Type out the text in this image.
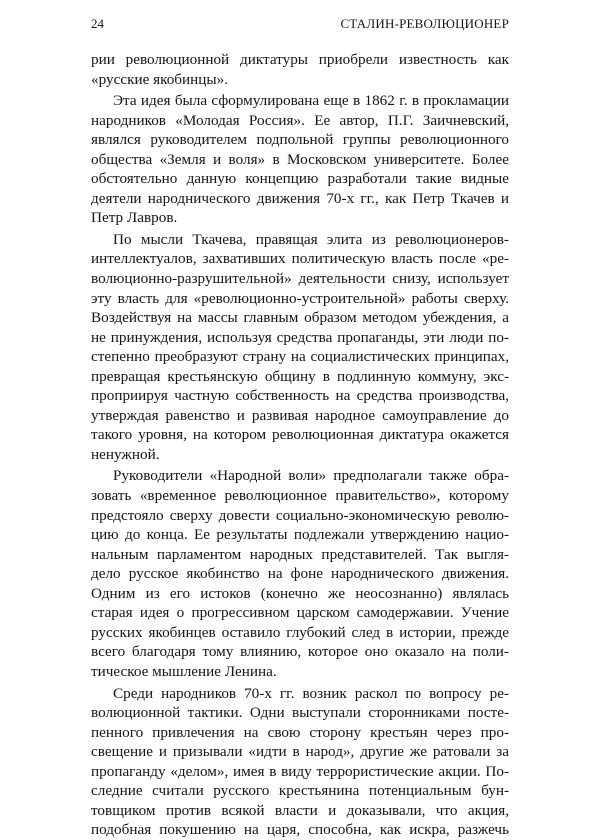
24	СТАЛИН-РЕВОЛЮЦИОНЕР
рии революционной диктатуры приобрели известность как
«русские якобинцы».
Эта идея была сформулирована еще в 1862 г. в прокламации
народников «Молодая Россия». Ее автор, П.Г. Заичневский,
являлся руководителем подпольной группы революционного
общества «Земля и воля» в Московском университете. Более
обстоятельно данную концепцию разработали такие видные
деятели народнического движения 70-х гг., как Петр Ткачев и
Петр Лавров.
По мысли Ткачева, правящая элита из революционеров-
интеллектуалов, захвативших политическую власть после «ре-
волюционно-разрушительной» деятельности снизу, использует
эту власть для «революционно-устроительной» работы сверху.
Воздействуя на массы главным образом методом убеждения, а
не принуждения, используя средства пропаганды, эти люди по-
степенно преобразуют страну на социалистических принципах,
превращая крестьянскую общину в подлинную коммуну, экс-
проприируя частную собственность на средства производства,
утверждая равенство и развивая народное самоуправление до
такого уровня, на котором революционная диктатура окажется
ненужной.
Руководители «Народной воли» предполагали также обра-
зовать «временное революционное правительство», которому
предстояло сверху довести социально-экономическую револю-
цию до конца. Ее результаты подлежали утверждению нацио-
нальным парламентом народных представителей. Так выгля-
дело русское якобинство на фоне народнического движения.
Одним из его истоков (конечно же неосознанно) являлась
старая идея о прогрессивном царском самодержавии. Учение
русских якобинцев оставило глубокий след в истории, прежде
всего благодаря тому влиянию, которое оно оказало на поли-
тическое мышление Ленина.
Среди народников 70-х гг. возник раскол по вопросу ре-
волюционной тактики. Одни выступали сторонниками посте-
пенного привлечения на свою сторону крестьян через про-
свещение и призывали «идти в народ», другие же ратовали за
пропаганду «делом», имея в виду террористические акции. По-
следние считали русского крестьянина потенциальным бун-
товщиком против всякой власти и доказывали, что акция,
подобная покушению на царя, способна, как искра, разжечь
